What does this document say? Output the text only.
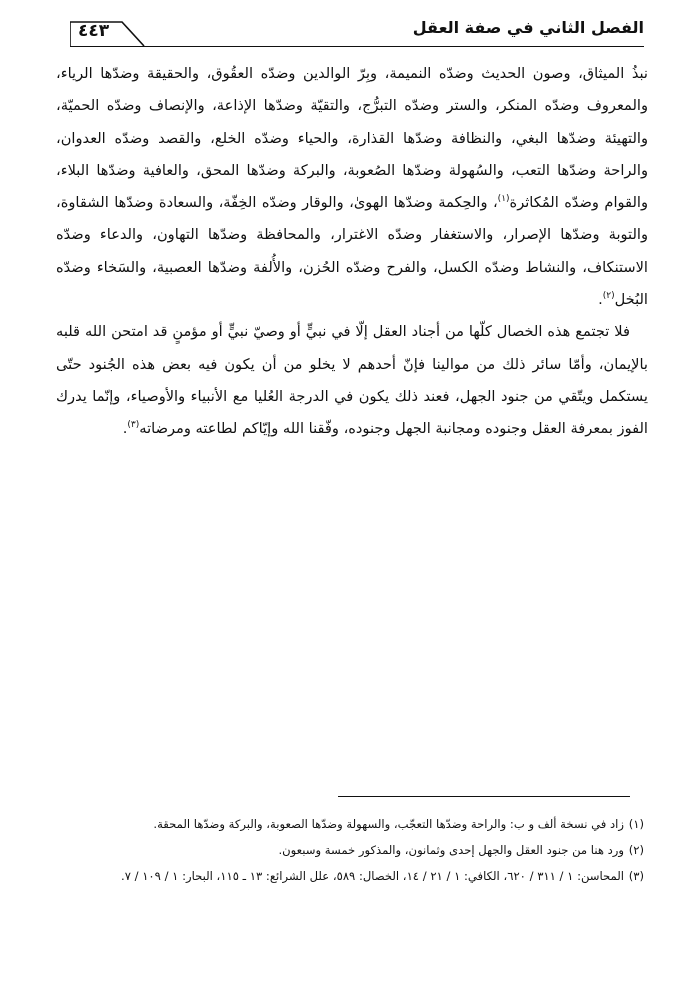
الفصل الثاني في صفة العقل
٤٤٣

نبذُ الميثاق، وصون الحديث وضدّه النميمة، وبِرّ الوالدين وضدّه العقُوق، والحقيقة وضدّها الرياء، والمعروف وضدّه المنكر، والستر وضدّه التبرُّج، والتقيّة وضدّها الإذاعة، والإنصاف وضدّه الحميّة، والتهيئة وضدّها البغي، والنظافة وضدّها القذارة، والحياء وضدّه الخلع، والقصد وضدّه العدوان، والراحة وضدّها التعب، والسُهولة وضدّها الصُعوبة، والبركة وضدّها المحق، والعافية وضدّها البلاء، والقوام وضدّه المُكاثرة$^{(١)}$، والحِكمة وضدّها الهوىٰ، والوقار وضدّه الخِفّة، والسعادة وضدّها الشقاوة، والتوبة وضدّها الإصرار، والاستغفار وضدّه الاغترار، والمحافظة وضدّها التهاون، والدعاء وضدّه الاستنكاف، والنشاط وضدّه الكسل، والفرح وضدّه الحُزن، والأُلفة وضدّها العصبية، والسَخاء وضدّه البُخل$^{(٢)}$.

فلا تجتمع هذه الخصال كلّها من أجناد العقل إلّا في نبيٍّ أو وصيّ نبيٍّ أو مؤمنٍ قد امتحن الله قلبه بالإيمان، وأمّا سائر ذلك من موالينا فإنّ أحدهم لا يخلو من أن يكون فيه بعض هذه الجُنود حتّى يستكمل ويتّقي من جنود الجهل، فعند ذلك يكون في الدرجة العُليا مع الأنبياء والأوصياء، وإنّما يدرك الفوز بمعرفة العقل وجنوده ومجانبة الجهل وجنوده، وفّقنا الله وإيّاكم لطاعته ومرضاته$^{(٣)}$.

(١)
زاد في نسخة ألف و ب: والراحة وضدّها التعجّب، والسهولة وضدّها الصعوبة، والبركة وضدّها المحقة.

(٢)
ورد هنا من جنود العقل والجهل إحدى وثمانون، والمذكور خمسة وسبعون.

(٣)
المحاسن: ١ / ٣١١ / ٦٢٠، الكافي: ١ / ٢١ / ١٤، الخصال: ٥٨٩، علل الشرائع: ١٣ ـ ١١٥، البحار: ١ / ١٠٩ / ٧.
